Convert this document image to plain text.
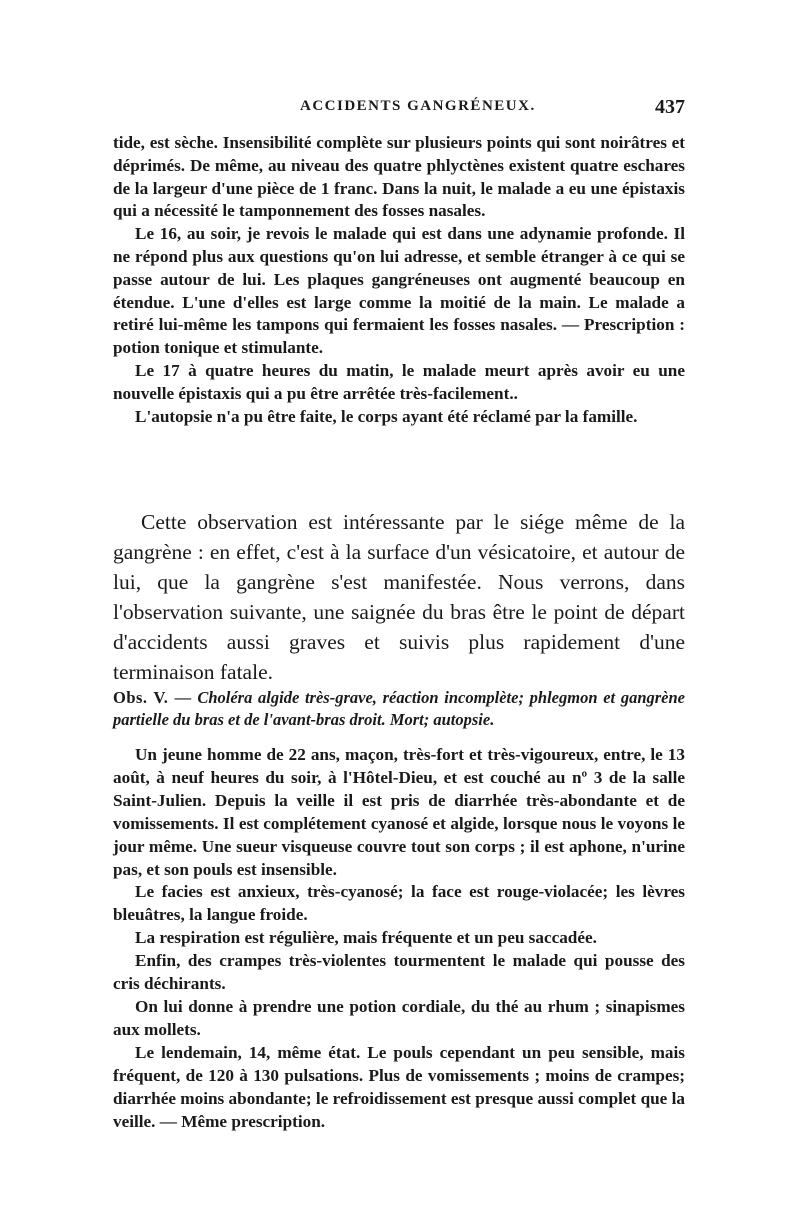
ACCIDENTS GANGRÉNEUX.	437

tide, est sèche. Insensibilité complète sur plusieurs points qui sont noirâtres et déprimés. De même, au niveau des quatre phlyctènes existent quatre eschares de la largeur d'une pièce de 1 franc. Dans la nuit, le malade a eu une épistaxis qui a nécessité le tamponnement des fosses nasales.

Le 16, au soir, je revois le malade qui est dans une adynamie profonde. Il ne répond plus aux questions qu'on lui adresse, et semble étranger à ce qui se passe autour de lui. Les plaques gangréneuses ont augmenté beaucoup en étendue. L'une d'elles est large comme la moitié de la main. Le malade a retiré lui-même les tampons qui fermaient les fosses nasales. — Prescription : potion tonique et stimulante.

Le 17 à quatre heures du matin, le malade meurt après avoir eu une nouvelle épistaxis qui a pu être arrêtée très-facilement..

L'autopsie n'a pu être faite, le corps ayant été réclamé par la famille.

Cette observation est intéressante par le siége même de la gangrène : en effet, c'est à la surface d'un vésicatoire, et autour de lui, que la gangrène s'est manifestée. Nous verrons, dans l'observation suivante, une saignée du bras être le point de départ d'accidents aussi graves et suivis plus rapidement d'une terminaison fatale.

Obs. V. — Choléra algide très-grave, réaction incomplète; phlegmon et gangrène partielle du bras et de l'avant-bras droit. Mort; autopsie.

Un jeune homme de 22 ans, maçon, très-fort et très-vigoureux, entre, le 13 août, à neuf heures du soir, à l'Hôtel-Dieu, et est couché au nº 3 de la salle Saint-Julien. Depuis la veille il est pris de diarrhée très-abondante et de vomissements. Il est complétement cyanosé et algide, lorsque nous le voyons le jour même. Une sueur visqueuse couvre tout son corps ; il est aphone, n'urine pas, et son pouls est insensible.

Le facies est anxieux, très-cyanosé; la face est rouge-violacée; les lèvres bleuâtres, la langue froide.

La respiration est régulière, mais fréquente et un peu saccadée.

Enfin, des crampes très-violentes tourmentent le malade qui pousse des cris déchirants.

On lui donne à prendre une potion cordiale, du thé au rhum ; sinapismes aux mollets.

Le lendemain, 14, même état. Le pouls cependant un peu sensible, mais fréquent, de 120 à 130 pulsations. Plus de vomissements ; moins de crampes; diarrhée moins abondante; le refroidissement est presque aussi complet que la veille. — Même prescription.
